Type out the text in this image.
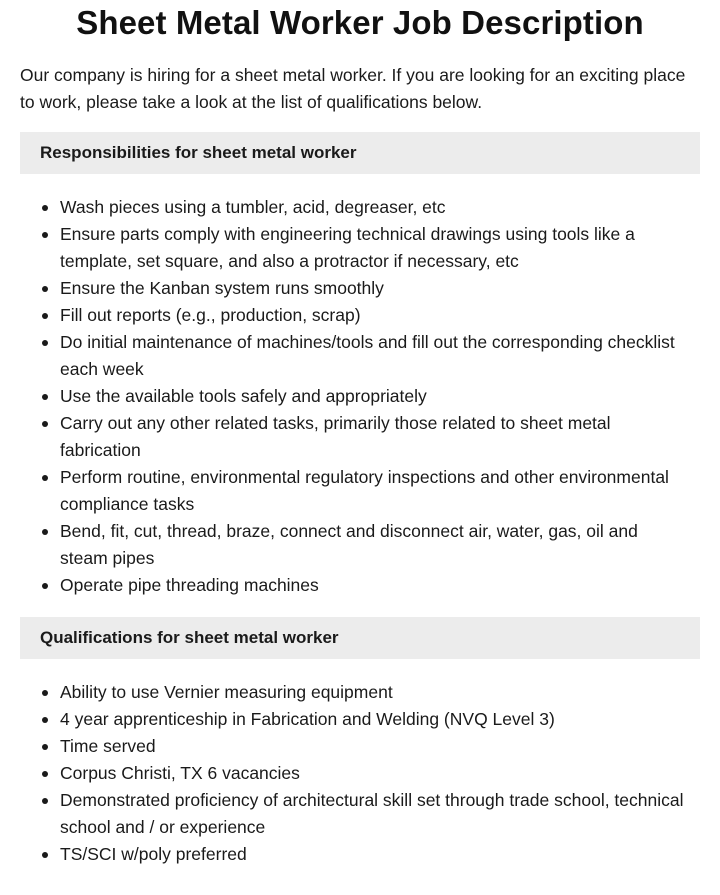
Sheet Metal Worker Job Description

Our company is hiring for a sheet metal worker. If you are looking for an exciting place to work, please take a look at the list of qualifications below.

Responsibilities for sheet metal worker
Wash pieces using a tumbler, acid, degreaser, etc
Ensure parts comply with engineering technical drawings using tools like a template, set square, and also a protractor if necessary, etc
Ensure the Kanban system runs smoothly
Fill out reports (e.g., production, scrap)
Do initial maintenance of machines/tools and fill out the corresponding checklist each week
Use the available tools safely and appropriately
Carry out any other related tasks, primarily those related to sheet metal fabrication
Perform routine, environmental regulatory inspections and other environmental compliance tasks
Bend, fit, cut, thread, braze, connect and disconnect air, water, gas, oil and steam pipes
Operate pipe threading machines
Qualifications for sheet metal worker
Ability to use Vernier measuring equipment
4 year apprenticeship in Fabrication and Welding (NVQ Level 3)
Time served
Corpus Christi, TX 6 vacancies
Demonstrated proficiency of architectural skill set through trade school, technical school and / or experience
TS/SCI w/poly preferred
